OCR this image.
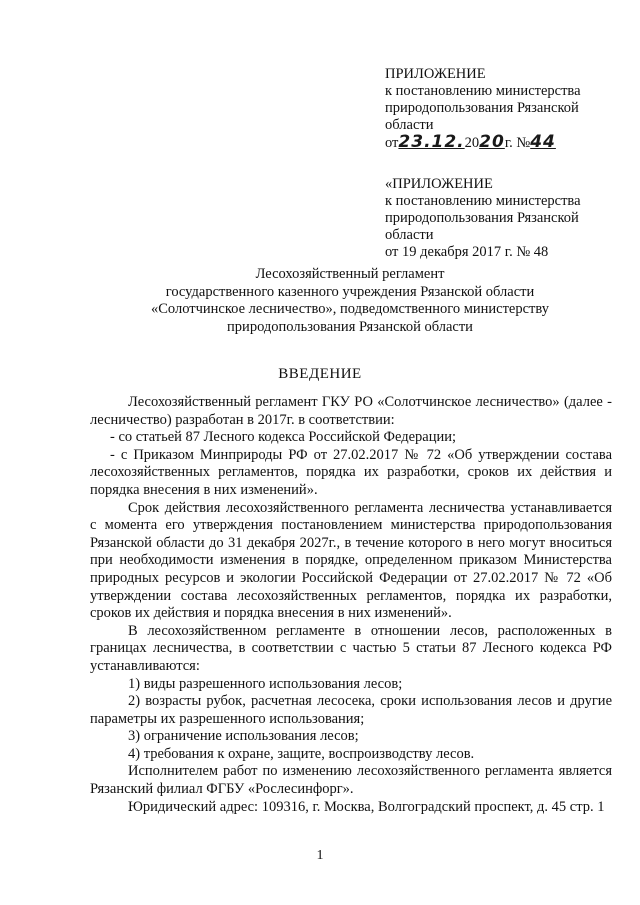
ПРИЛОЖЕНИЕ
к постановлению министерства
природопользования Рязанской
области
от23.12.2020г. №44
«ПРИЛОЖЕНИЕ
к постановлению министерства
природопользования Рязанской
области
от 19 декабря 2017 г. № 48
Лесохозяйственный регламент
государственного казенного учреждения Рязанской области
«Солотчинское лесничество», подведомственного министерству
природопользования Рязанской области
ВВЕДЕНИЕ

Лесохозяйственный регламент ГКУ РО «Солотчинское лесничество» (далее - лесничество) разработан в 2017г. в соответствии:

- со статьей 87 Лесного кодекса Российской Федерации;

- с Приказом Минприроды РФ от 27.02.2017 № 72 «Об утверждении состава лесохозяйственных регламентов, порядка их разработки, сроков их действия и порядка внесения в них изменений».

Срок действия лесохозяйственного регламента лесничества устанавливается с момента его утверждения постановлением министерства природопользования Рязанской области до 31 декабря 2027г., в течение которого в него могут вноситься при необходимости изменения в порядке, определенном приказом Министерства природных ресурсов и экологии Российской Федерации от 27.02.2017 № 72 «Об утверждении состава лесохозяйственных регламентов, порядка их разработки, сроков их действия и порядка внесения в них изменений».

В лесохозяйственном регламенте в отношении лесов, расположенных в границах лесничества, в соответствии с частью 5 статьи 87 Лесного кодекса РФ устанавливаются:

1) виды разрешенного использования лесов;

2) возрасты рубок, расчетная лесосека, сроки использования лесов и другие параметры их разрешенного использования;

3) ограничение использования лесов;

4) требования к охране, защите, воспроизводству лесов.

Исполнителем работ по изменению лесохозяйственного регламента является Рязанский филиал ФГБУ «Рослесинфорг».

Юридический адрес: 109316, г. Москва, Волгоградский проспект, д. 45 стр. 1

1
